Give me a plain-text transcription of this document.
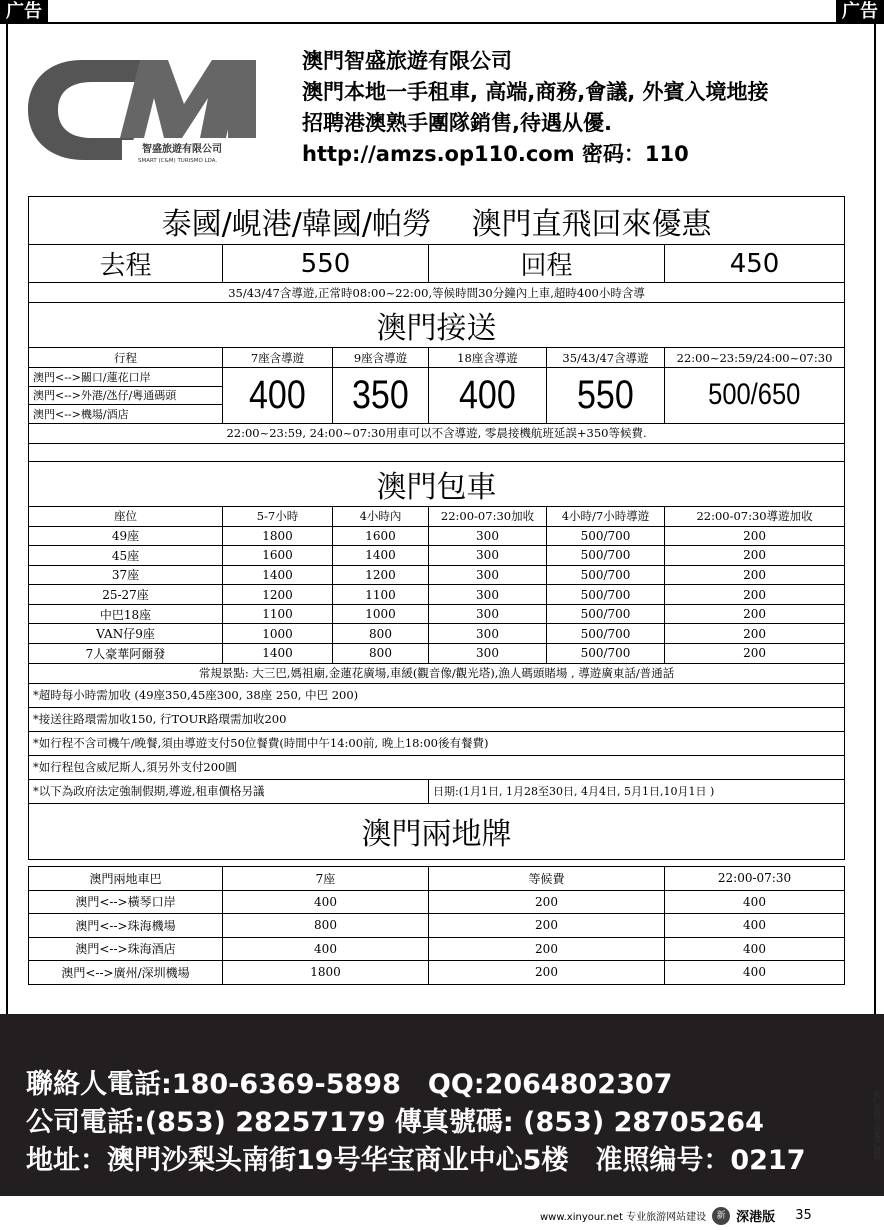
广告	广告
智盛旅遊有限公司
SMART (C&M) TURISMO LDA.
澳門智盛旅遊有限公司
澳門本地一手租車, 高端,商務,會議, 外賓入境地接
招聘港澳熟手團隊銷售,待遇从優.
http://amzs.op110.com 密码：110
泰國/峴港/韓國/帕勞　 澳門直飛回來優惠					
去程	550		回程		450
35/43/47含導遊,正常時08:00~22:00,等候時間30分鐘內上車,超時400小時含導					
澳門接送					
行程	7座含導遊	9座含導遊	18座含導遊	35/43/47含導遊	22:00~23:59/24:00~07:30
澳門<-->關口/蓮花口岸	400	350	400	550	500/650
澳門<-->外港/氹仔/粵通碼頭					
澳門<-->機場/酒店					
22:00~23:59, 24:00~07:30用車可以不含導遊, 零晨接機航班延誤+350等候費.					

澳門包車					
座位	5-7小時	4小時內	22:00-07:30加收	4小時/7小時導遊	22:00-07:30導遊加收
49座	1800	1600	300	500/700	200
45座	1600	1400	300	500/700	200
37座	1400	1200	300	500/700	200
25-27座	1200	1100	300	500/700	200
中巴18座	1100	1000	300	500/700	200
VAN仔9座	1000	800	300	500/700	200
7人豪華阿爾發	1400	800	300	500/700	200
常規景點: 大三巴,媽祖廟,金蓮花廣場,車緩(觀音像/觀光塔),漁人碼頭賭場 , 導遊廣東話/普通話					
*超時每小時需加收 (49座350,45座300, 38座 250, 中巴 200)					
*接送往路環需加收150, 行TOUR路環需加收200					
*如行程不含司機午/晚餐,須由導遊支付50位餐費(時間中午14:00前, 晚上18:00後有餐費)					
*如行程包含威尼斯人,須另外支付200圓					
*以下為政府法定強制假期,導遊,租車價格另議			日期:(1月1日, 1月28至30日, 4月4日, 5月1日,10月1日 )		
澳門兩地牌					
澳門兩地車巴	7座	等候費	22:00-07:30
澳門<-->橫琴口岸	400	200	400
澳門<-->珠海機場	800	200	400
澳門<-->珠海酒店	400	200	400
澳門<-->廣州/深圳機場	1800	200	400
聯絡人電話:180-6369-5898　QQ:2064802307
公司電話:(853) 28257179 傳真號碼: (853) 28705264
地址：澳門沙梨头南街19号华宝商业中心5楼　准照编号：0217
www.xinyour.net 专业旅游网站建设	新 深港版 35
此广告图文由客户提供
